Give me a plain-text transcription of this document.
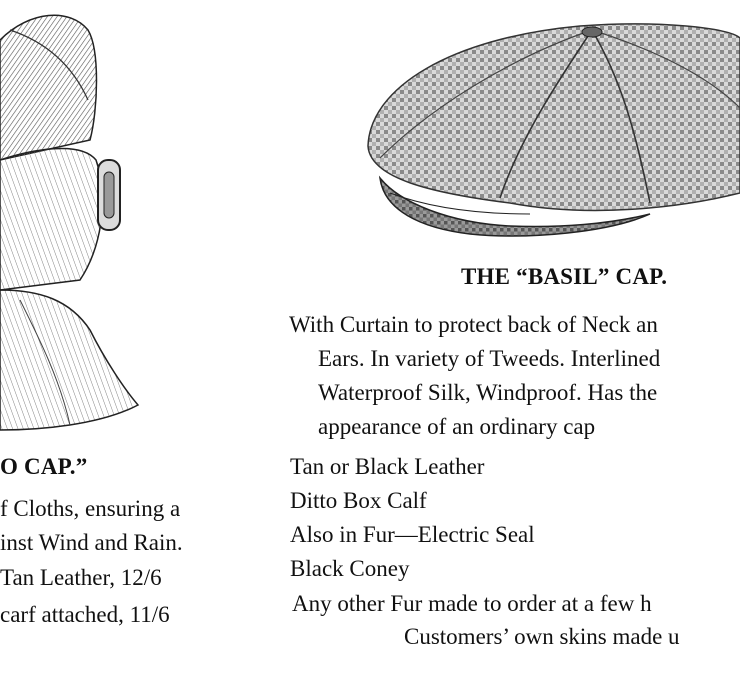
O CAP.”
f Cloths, ensuring a
inst Wind and Rain.
Tan Leather, 12/6
carf attached, 11/6
THE “BASIL” CAP.
With Curtain to protect back of Neck an
Ears. In variety of Tweeds. Interlined
Waterproof Silk, Windproof. Has the
appearance of an ordinary cap
Tan or Black Leather
Ditto Box Calf
Also in Fur—Electric Seal
Black Coney
Any other Fur made to order at a few h
Customers’ own skins made u
